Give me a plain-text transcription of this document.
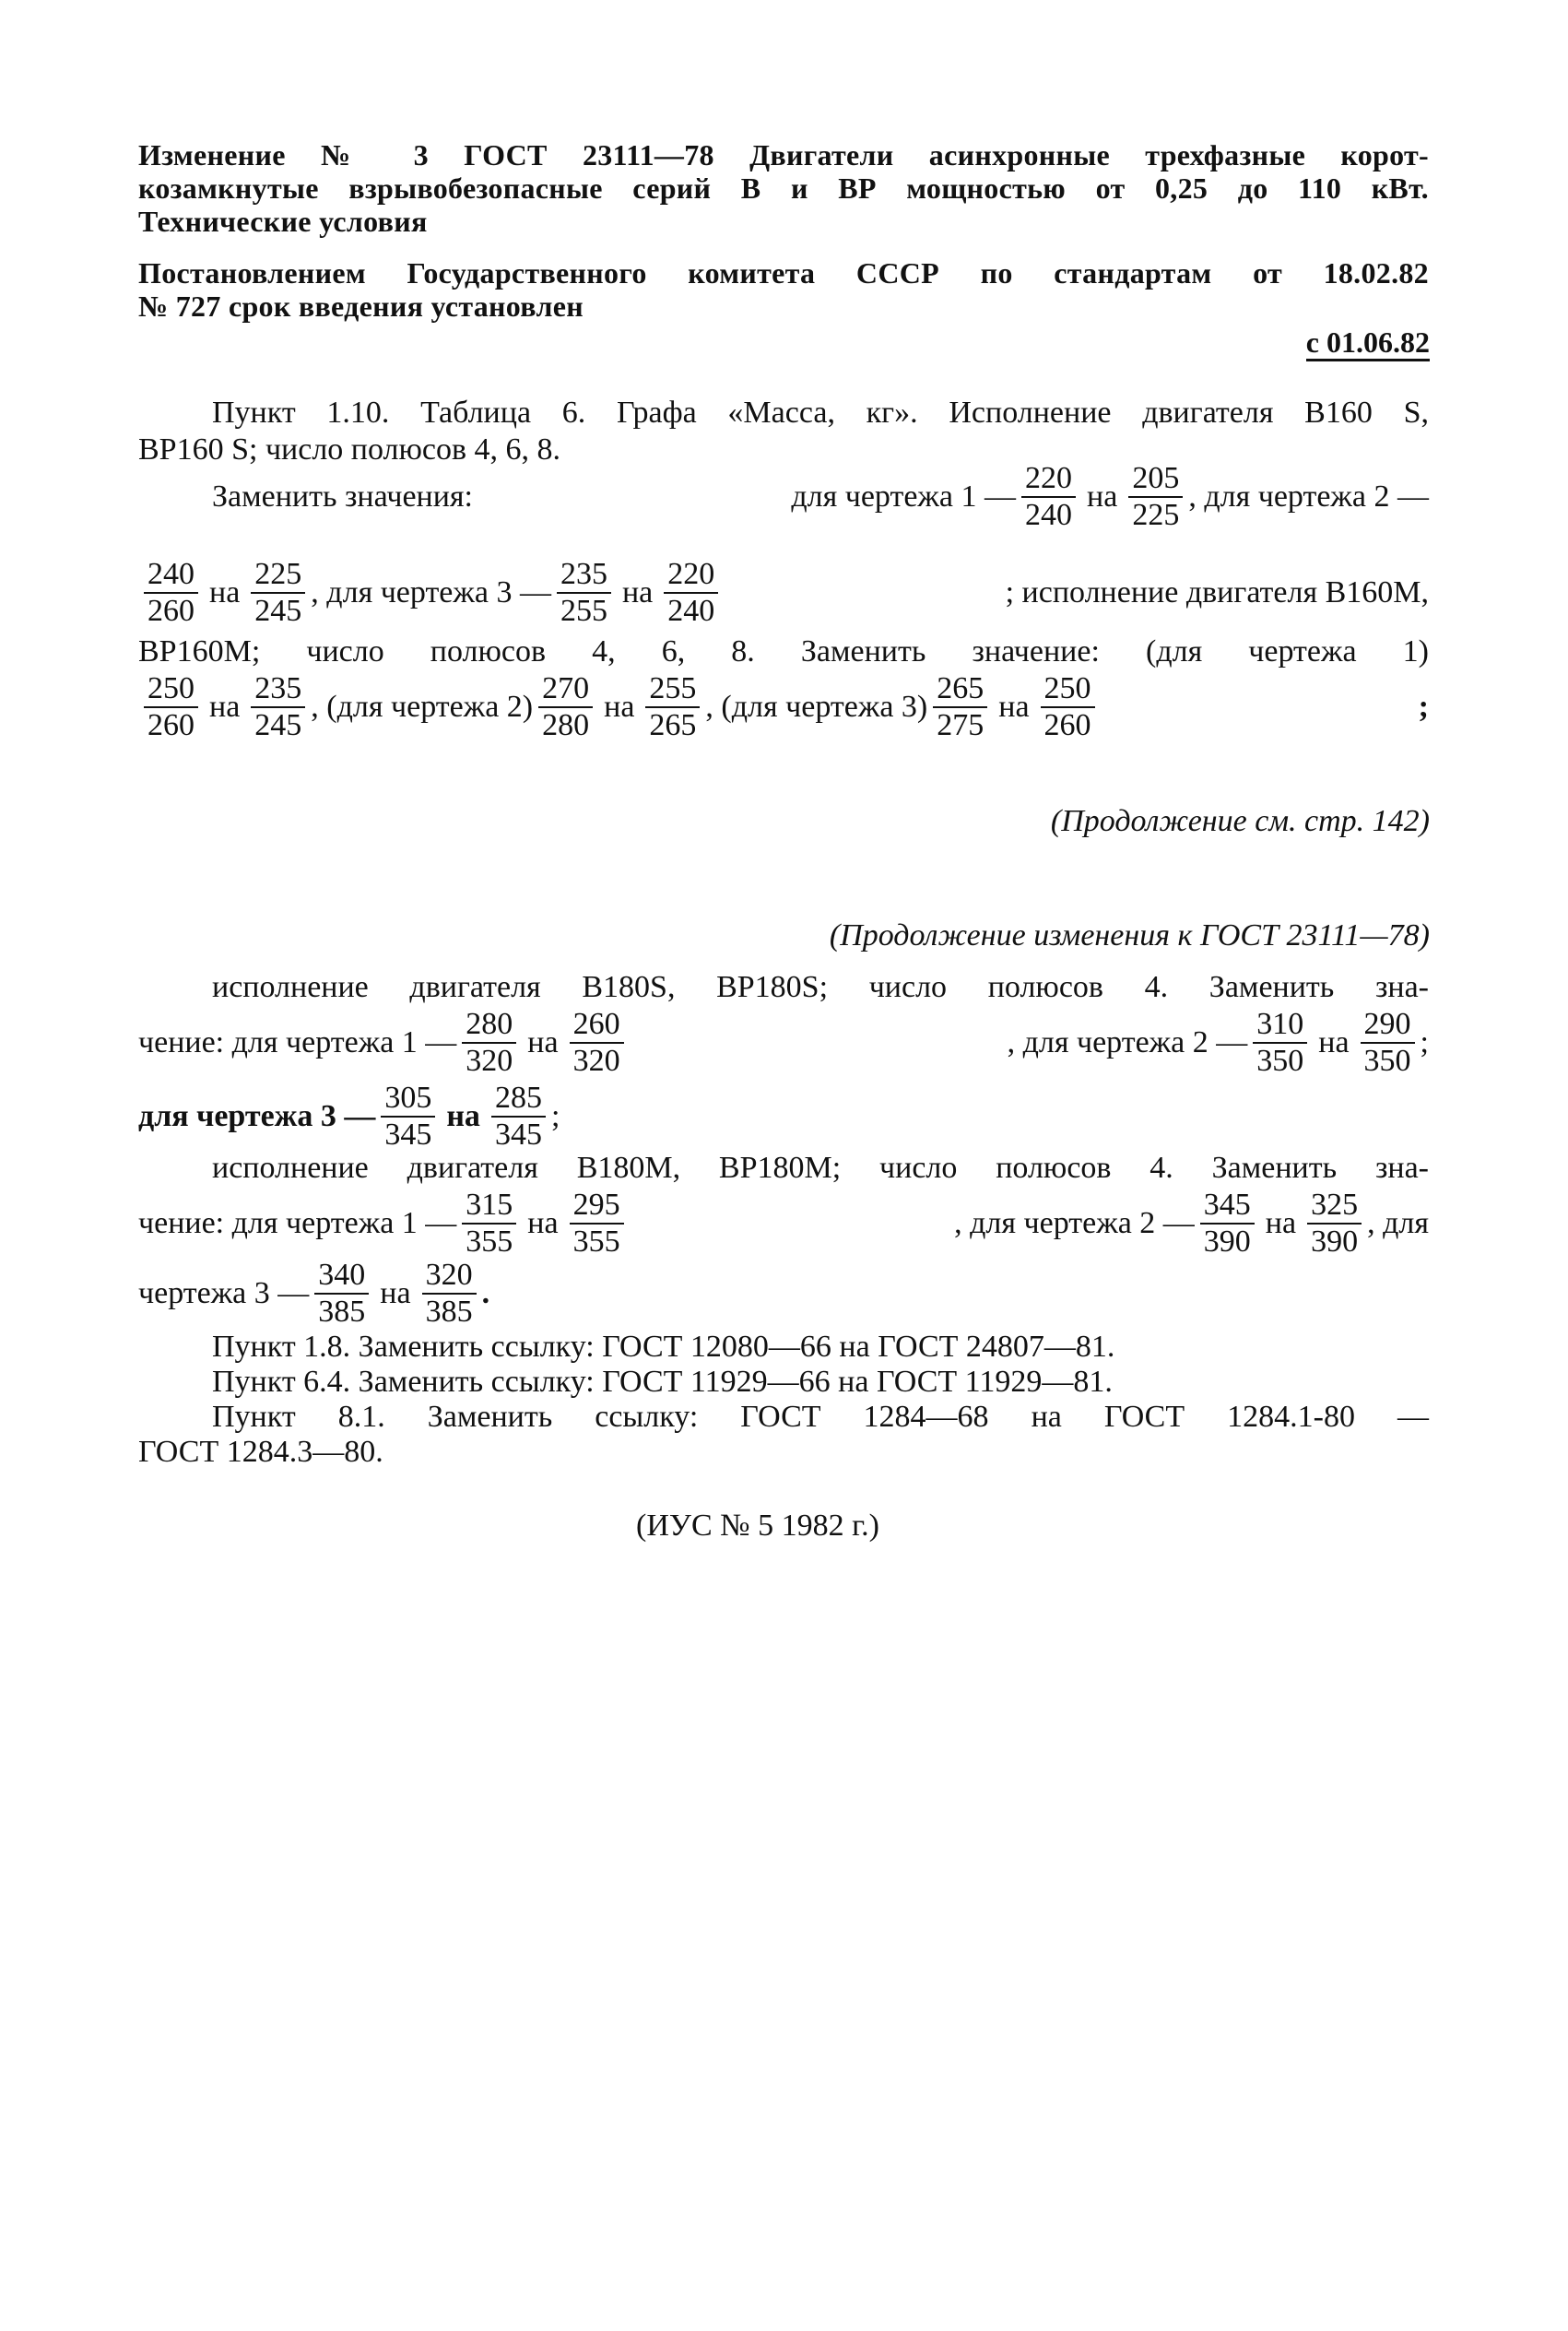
Изменение № 3 ГОСТ 23111—78 Двигатели асинхронные трехфазные корот-
козамкнутые взрывобезопасные серий В и ВР мощностью от 0,25 до 110 кВт.
Технические условия
Постановлением Государственного комитета СССР по стандартам от 18.02.82
№ 727 срок введения установлен
с 01.06.82
Пункт 1.10. Таблица 6. Графа «Масса, кг». Исполнение двигателя В160 S,
ВР160 S; число полюсов 4, 6, 8.
Заменить значения:	для чертежа 1 — $\frac{220}{240}$ на $\frac{205}{225}$ , для чертежа 2 —
$\frac{240}{260}$ на $\frac{225}{245}$ , для чертежа 3 — $\frac{235}{255}$ на $\frac{220}{240}$	; исполнение двигателя В160М,
ВР160М; число полюсов 4, 6, 8. Заменить значение: (для чертежа 1)
$\frac{250}{260}$ на $\frac{235}{245}$ , (для чертежа $2) \frac{270}{280}$ на $\frac{255}{265}$ , (для чертежа $3) \frac{265}{275}$ на $\frac{250}{260}$	;
(Продолжение см. стр. 142)
(Продолжение изменения к ГОСТ 23111—78)
исполнение двигателя В180S, ВР180S; число полюсов 4. Заменить зна-
чение: для чертежа 1 — $\frac{280}{320}$ на $\frac{260}{320}$	, для чертежа 2 — $\frac{310}{350}$ на $\frac{290}{350}$ ;
для чертежа 3 — $\frac{305}{345}$ на $\frac{285}{345}$ ;
исполнение двигателя В180М, ВР180М; число полюсов 4. Заменить зна-
чение: для чертежа 1 — $\frac{315}{355}$ на $\frac{295}{355}$	, для чертежа 2 — $\frac{345}{390}$ на $\frac{325}{390}$ , для
чертежа 3 — $\frac{340}{385}$ на $\frac{320}{385}$ .
Пункт 1.8. Заменить ссылку: ГОСТ 12080—66 на ГОСТ 24807—81.
Пункт 6.4. Заменить ссылку: ГОСТ 11929—66 на ГОСТ 11929—81.
Пункт 8.1. Заменить ссылку: ГОСТ 1284—68 на ГОСТ 1284.1-80 —
ГОСТ 1284.3—80.
(ИУС № 5 1982 г.)
